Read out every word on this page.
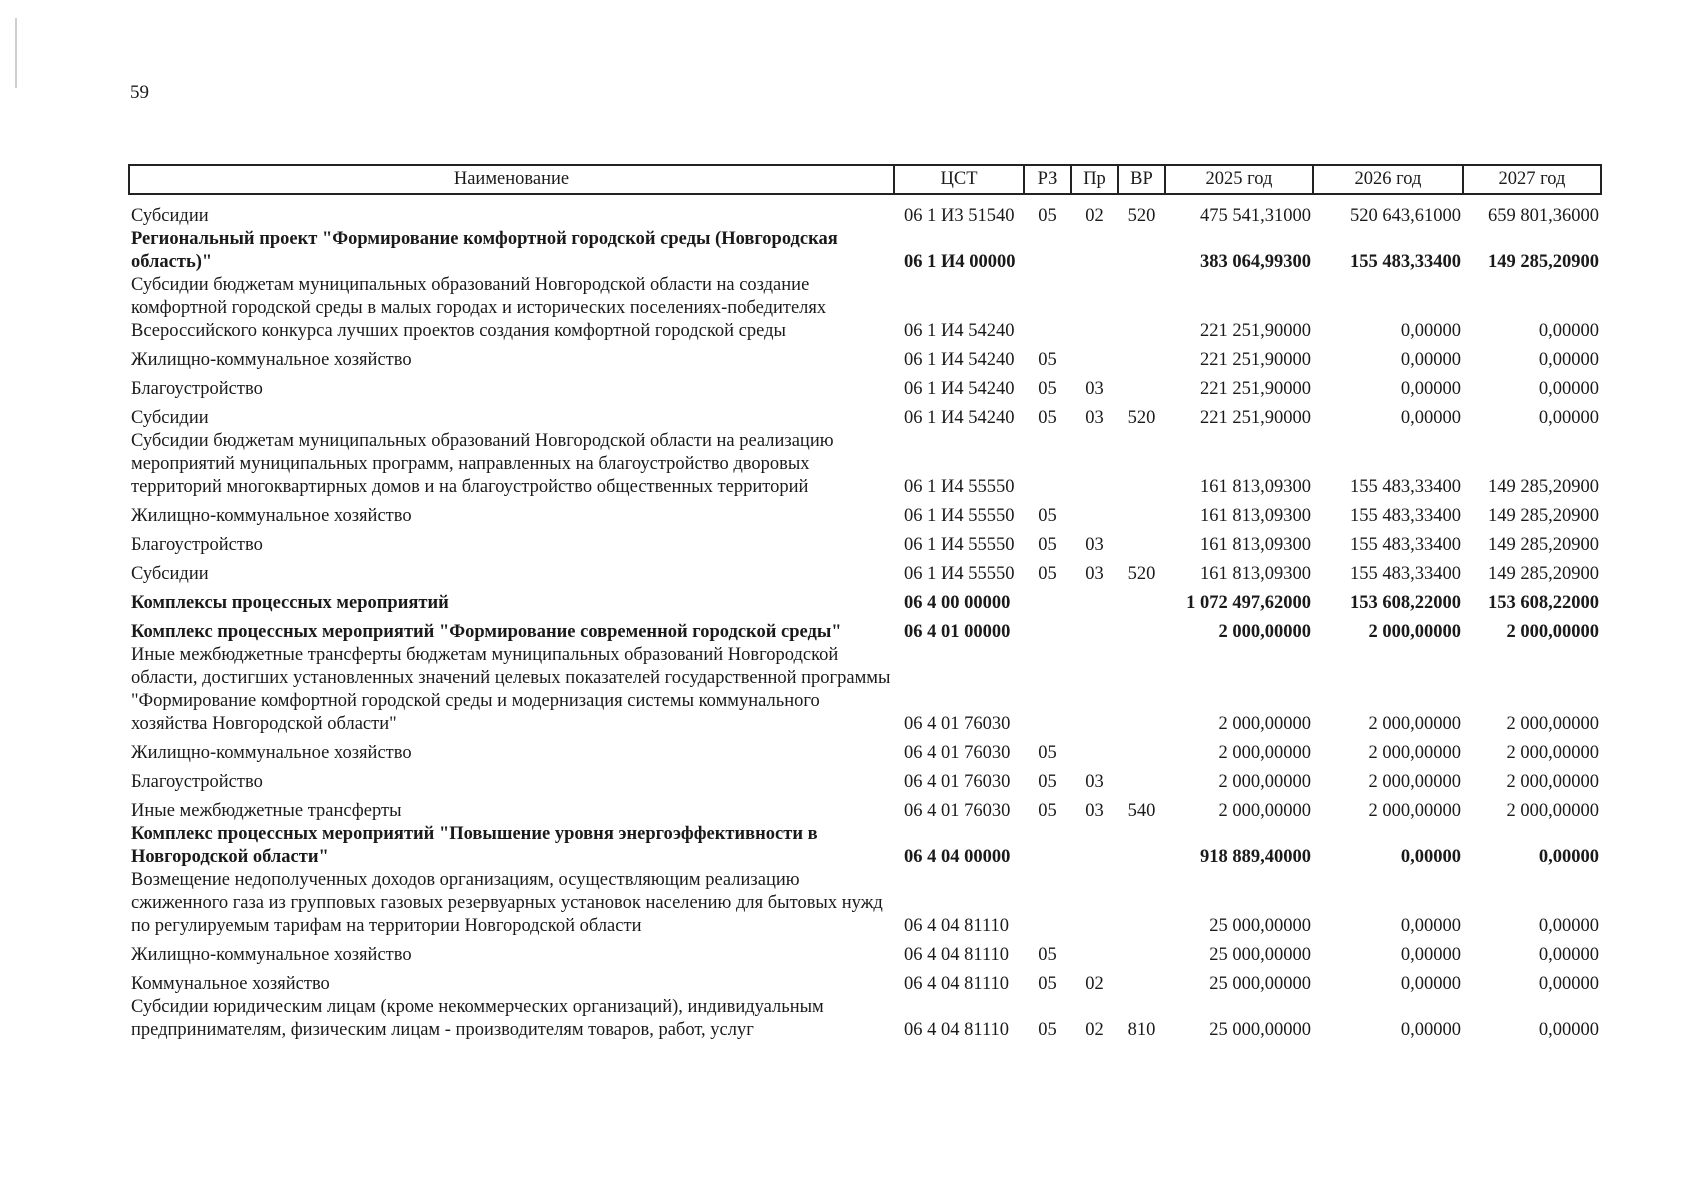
59
Наименование	ЦСТ	РЗ	Пр	ВР	2025 год	2026 год	2027 год
Субсидии	06 1 И3 51540	05	02	520	475 541,31000	520 643,61000	659 801,36000
Региональный проект "Формирование комфортной городской среды (Новгородская область)"	06 1 И4 00000				383 064,99300	155 483,33400	149 285,20900
Субсидии бюджетам муниципальных образований Новгородской области на создание комфортной городской среды в малых городах и исторических поселениях-победителях Всероссийского конкурса лучших проектов создания комфортной городской среды	06 1 И4 54240				221 251,90000	0,00000	0,00000
Жилищно-коммунальное хозяйство	06 1 И4 54240	05			221 251,90000	0,00000	0,00000
Благоустройство	06 1 И4 54240	05	03		221 251,90000	0,00000	0,00000
Субсидии	06 1 И4 54240	05	03	520	221 251,90000	0,00000	0,00000
Субсидии бюджетам муниципальных образований Новгородской области на реализацию мероприятий муниципальных программ, направленных на благоустройство дворовых территорий многоквартирных домов и на благоустройство общественных территорий	06 1 И4 55550				161 813,09300	155 483,33400	149 285,20900
Жилищно-коммунальное хозяйство	06 1 И4 55550	05			161 813,09300	155 483,33400	149 285,20900
Благоустройство	06 1 И4 55550	05	03		161 813,09300	155 483,33400	149 285,20900
Субсидии	06 1 И4 55550	05	03	520	161 813,09300	155 483,33400	149 285,20900
Комплексы процессных мероприятий	06 4 00 00000				1 072 497,62000	153 608,22000	153 608,22000
Комплекс процессных мероприятий "Формирование современной городской среды"	06 4 01 00000				2 000,00000	2 000,00000	2 000,00000
Иные межбюджетные трансферты бюджетам муниципальных образований Новгородской области, достигших установленных значений целевых показателей государственной программы "Формирование комфортной городской среды и модернизация системы коммунального хозяйства Новгородской области"	06 4 01 76030				2 000,00000	2 000,00000	2 000,00000
Жилищно-коммунальное хозяйство	06 4 01 76030	05			2 000,00000	2 000,00000	2 000,00000
Благоустройство	06 4 01 76030	05	03		2 000,00000	2 000,00000	2 000,00000
Иные межбюджетные трансферты	06 4 01 76030	05	03	540	2 000,00000	2 000,00000	2 000,00000
Комплекс процессных мероприятий "Повышение уровня энергоэффективности в Новгородской области"	06 4 04 00000				918 889,40000	0,00000	0,00000
Возмещение недополученных доходов организациям, осуществляющим реализацию сжиженного газа из групповых газовых резервуарных установок населению для бытовых нужд по регулируемым тарифам на территории Новгородской области	06 4 04 81110				25 000,00000	0,00000	0,00000
Жилищно-коммунальное хозяйство	06 4 04 81110	05			25 000,00000	0,00000	0,00000
Коммунальное хозяйство	06 4 04 81110	05	02		25 000,00000	0,00000	0,00000
Субсидии юридическим лицам (кроме некоммерческих организаций), индивидуальным предпринимателям, физическим лицам - производителям товаров, работ, услуг	06 4 04 81110	05	02	810	25 000,00000	0,00000	0,00000
